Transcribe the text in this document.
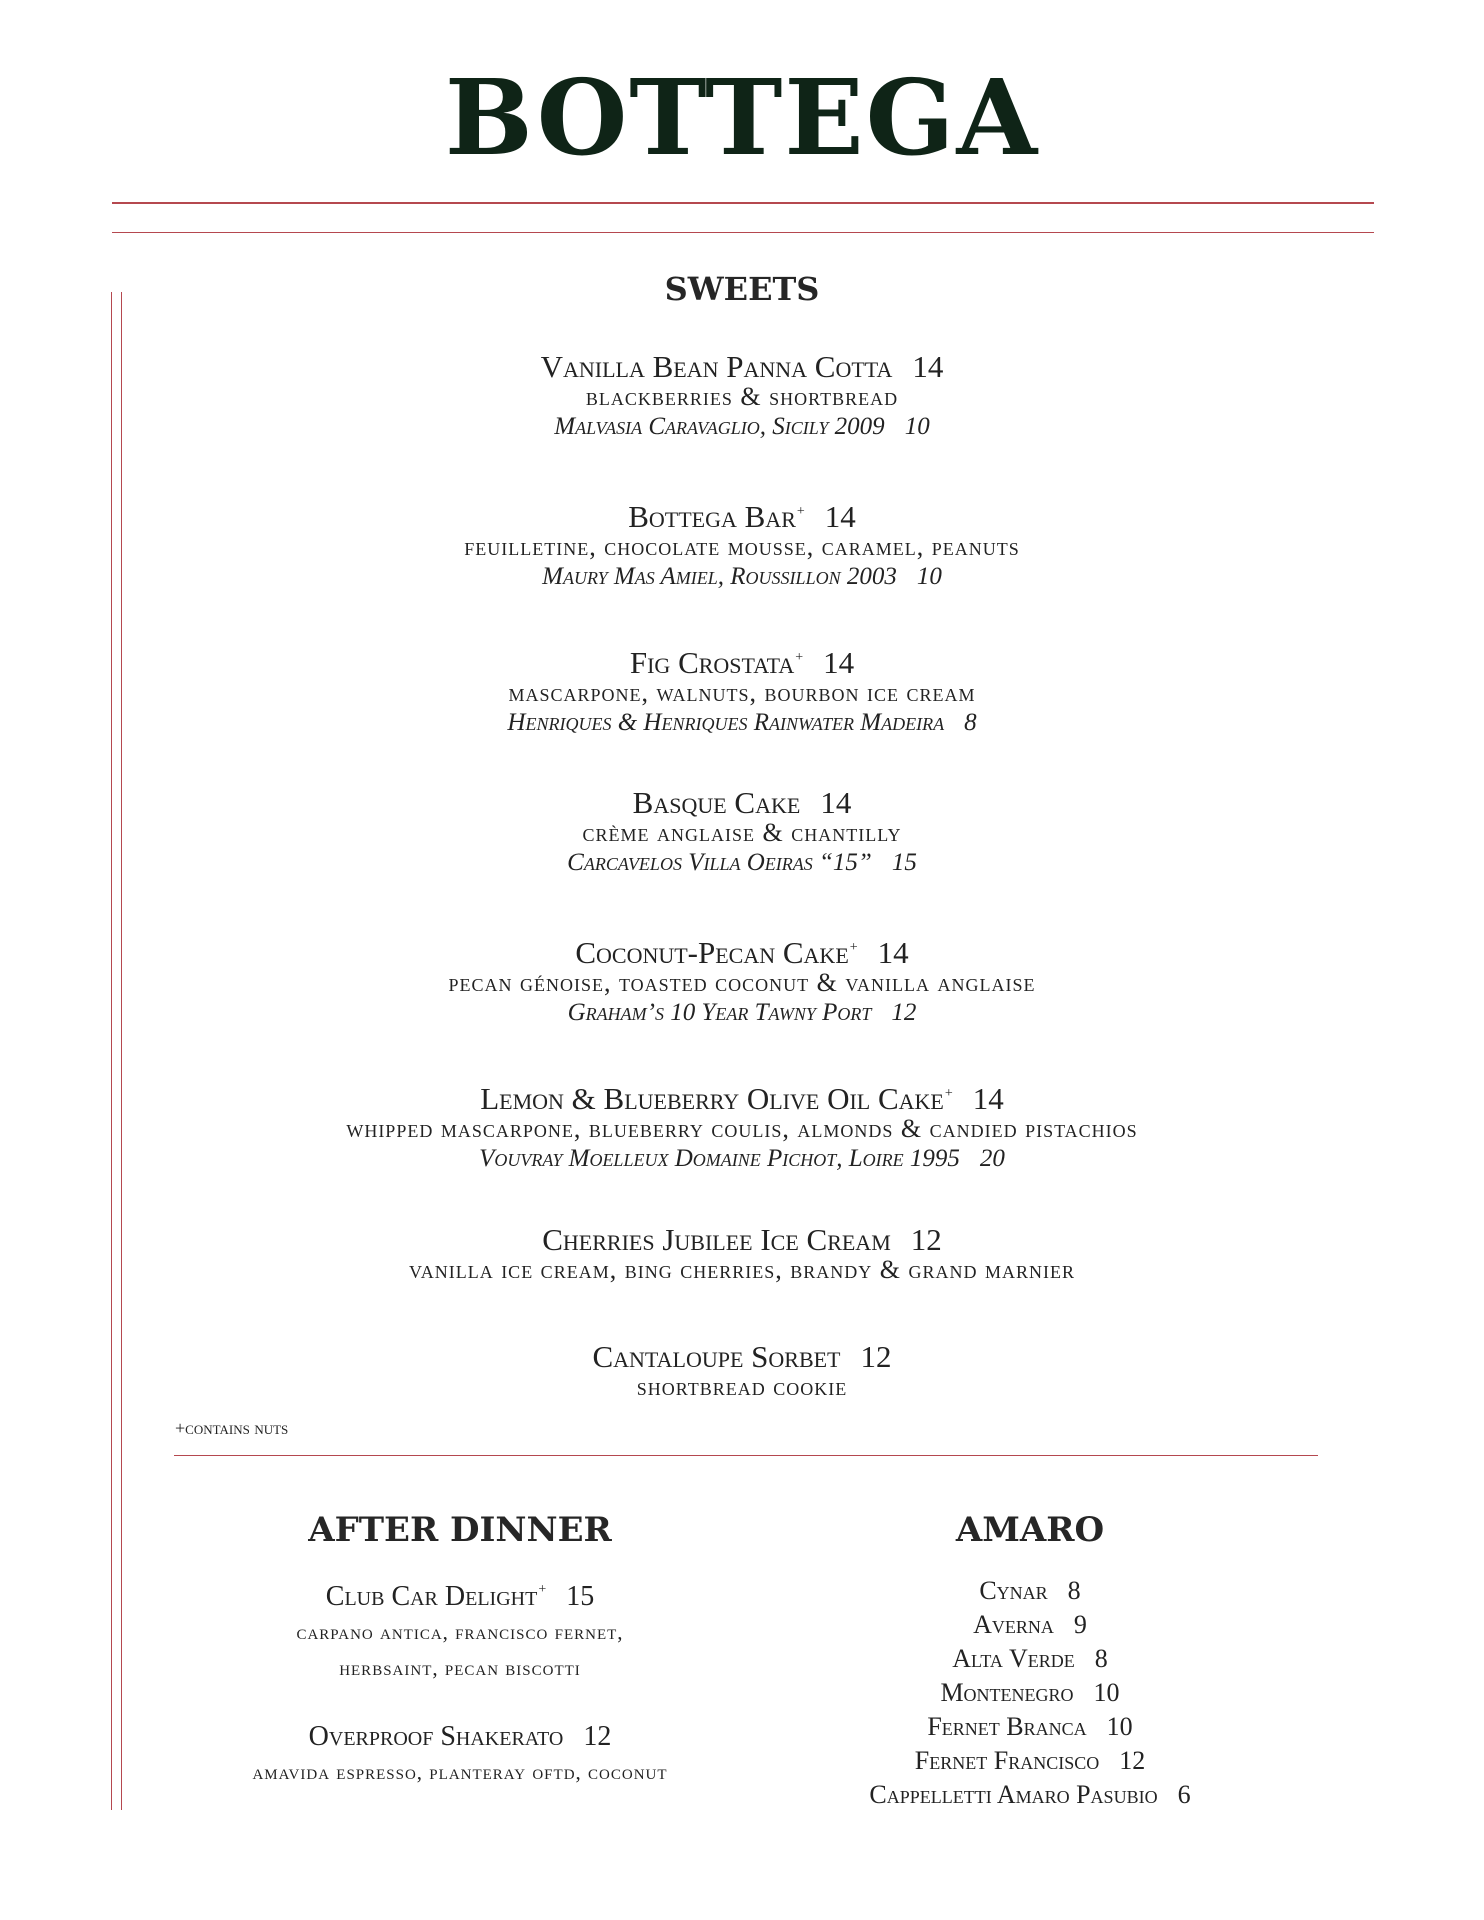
BOTTEGA
SWEETS
Vanilla Bean Panna Cotta 14
blackberries & shortbread
Malvasia Caravaglio, Sicily 2009 10
Bottega Bar+ 14
feuilletine, chocolate mousse, caramel, peanuts
Maury Mas Amiel, Roussillon 2003 10
Fig Crostata+ 14
mascarpone, walnuts, bourbon ice cream
Henriques & Henriques Rainwater Madeira 8
Basque Cake 14
crème anglaise & chantilly
Carcavelos Villa Oeiras “15” 15
Coconut-Pecan Cake+ 14
pecan génoise, toasted coconut & vanilla anglaise
Graham’s 10 Year Tawny Port 12
Lemon & Blueberry Olive Oil Cake+ 14
whipped mascarpone, blueberry coulis, almonds & candied pistachios
Vouvray Moelleux Domaine Pichot, Loire 1995 20
Cherries Jubilee Ice Cream 12
vanilla ice cream, bing cherries, brandy & grand marnier
Cantaloupe Sorbet 12
shortbread cookie
+contains nuts
AFTER DINNER
Club Car Delight+ 15
carpano antica, francisco fernet,
herbsaint, pecan biscotti
Overproof Shakerato 12
amavida espresso, planteray oftd, coconut
AMARO
Cynar 8
Averna 9
Alta Verde 8
Montenegro 10
Fernet Branca 10
Fernet Francisco 12
Cappelletti Amaro Pasubio 6
